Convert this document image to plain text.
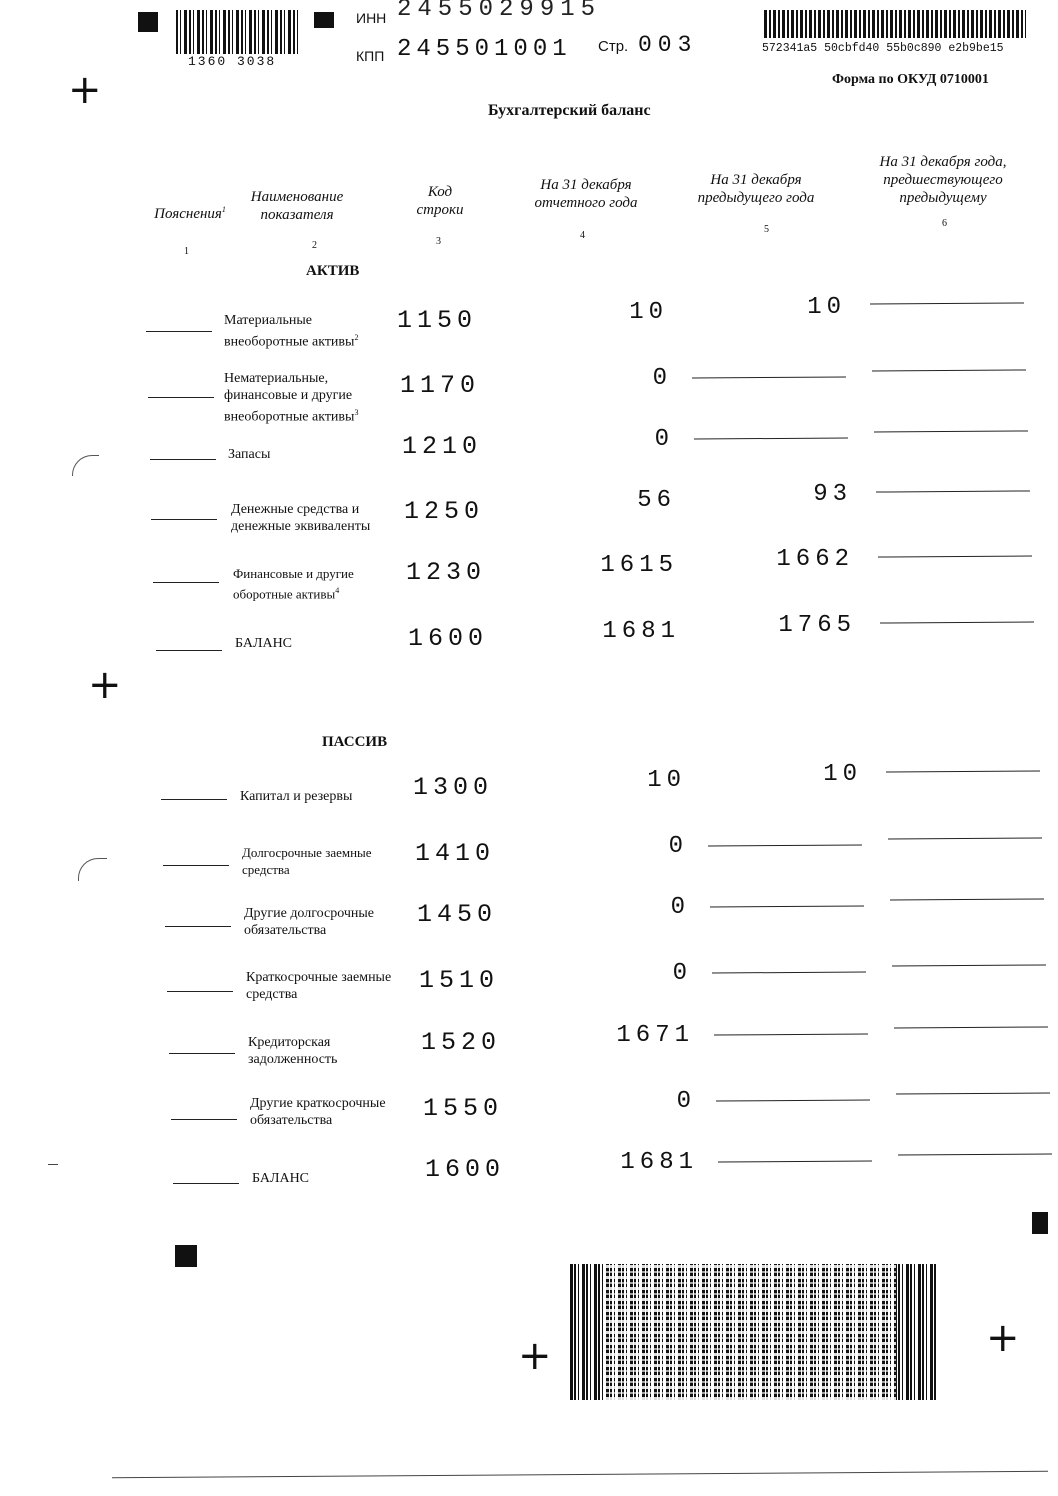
+
+
+	+
1360 3038
ИНН 2455029915
КПП 245501001 Стр. 003	572341a5 50cbfd40 55b0c890 e2b9be15
Форма по ОКУД 0710001
Бухгалтерский баланс
Пояснения$^1$
Наименование показателя
Код строки
На 31 декабря отчетного года
На 31 декабря предыдущего года
На 31 декабря года, предшествующего предыдущему
1
2	3
4
5
6
АКТИВ
Материальные внеоборотные активы$^2$
1150	10	10
Нематериальные, финансовые и другие внеоборотные активы$^3$
1170	0
Запасы	1210	0
Денежные средства и денежные эквиваленты
1250	56	93
Финансовые и другие оборотные активы$^4$
1230	1615	1662
БАЛАНС	1600	1681	1765
ПАССИВ
Капитал и резервы	1300	10	10
Долгосрочные заемные средства
1410	0
Другие долгосрочные обязательства
1450	0
Краткосрочные заемные средства	1510	0
Кредиторская задолженность
1520	1671
Другие краткосрочные обязательства	1550	0
БАЛАНС	1600	1681
